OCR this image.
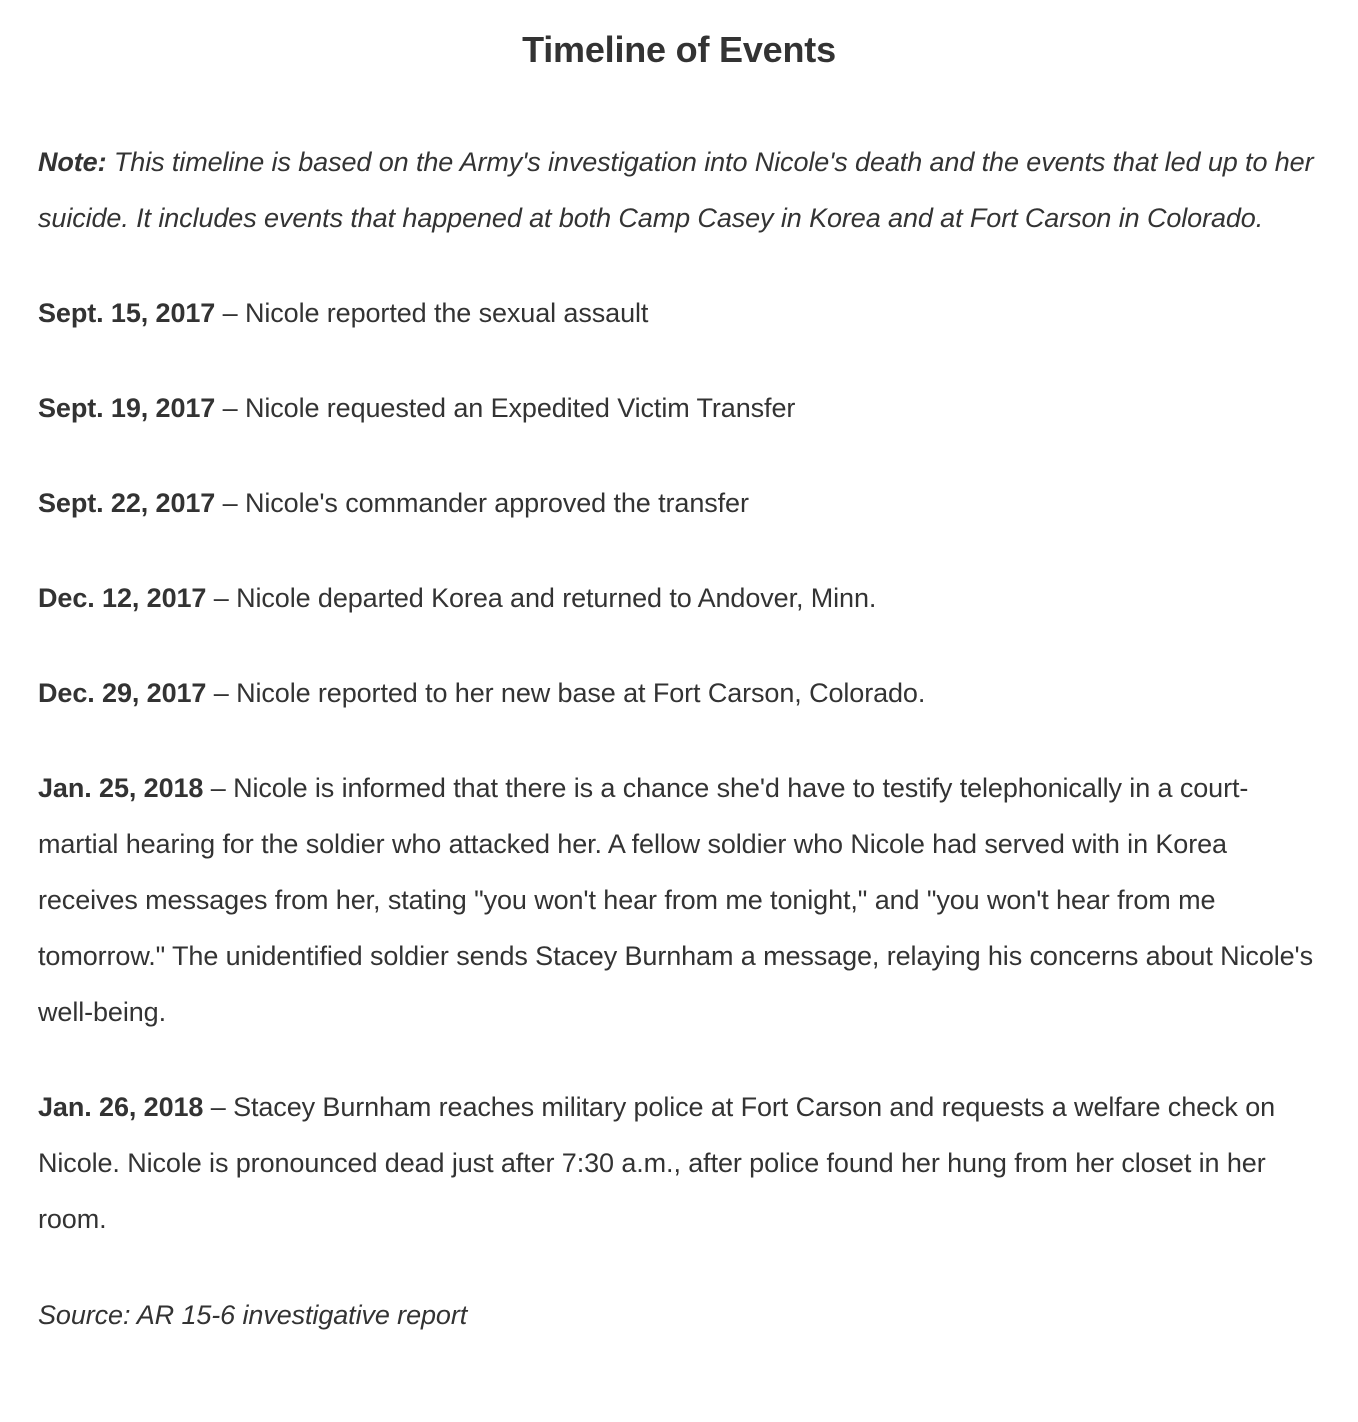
Timeline of Events

Note: This timeline is based on the Army's investigation into Nicole's death and the events that led up to her suicide. It includes events that happened at both Camp Casey in Korea and at Fort Carson in Colorado.

Sept. 15, 2017 – Nicole reported the sexual assault

Sept. 19, 2017 – Nicole requested an Expedited Victim Transfer

Sept. 22, 2017 – Nicole's commander approved the transfer

Dec. 12, 2017 – Nicole departed Korea and returned to Andover, Minn.

Dec. 29, 2017 – Nicole reported to her new base at Fort Carson, Colorado.

Jan. 25, 2018 – Nicole is informed that there is a chance she'd have to testify telephonically in a court-martial hearing for the soldier who attacked her. A fellow soldier who Nicole had served with in Korea receives messages from her, stating "you won't hear from me tonight," and "you won't hear from me tomorrow." The unidentified soldier sends Stacey Burnham a message, relaying his concerns about Nicole's well-being.

Jan. 26, 2018 – Stacey Burnham reaches military police at Fort Carson and requests a welfare check on Nicole. Nicole is pronounced dead just after 7:30 a.m., after police found her hung from her closet in her room.

Source: AR 15-6 investigative report
